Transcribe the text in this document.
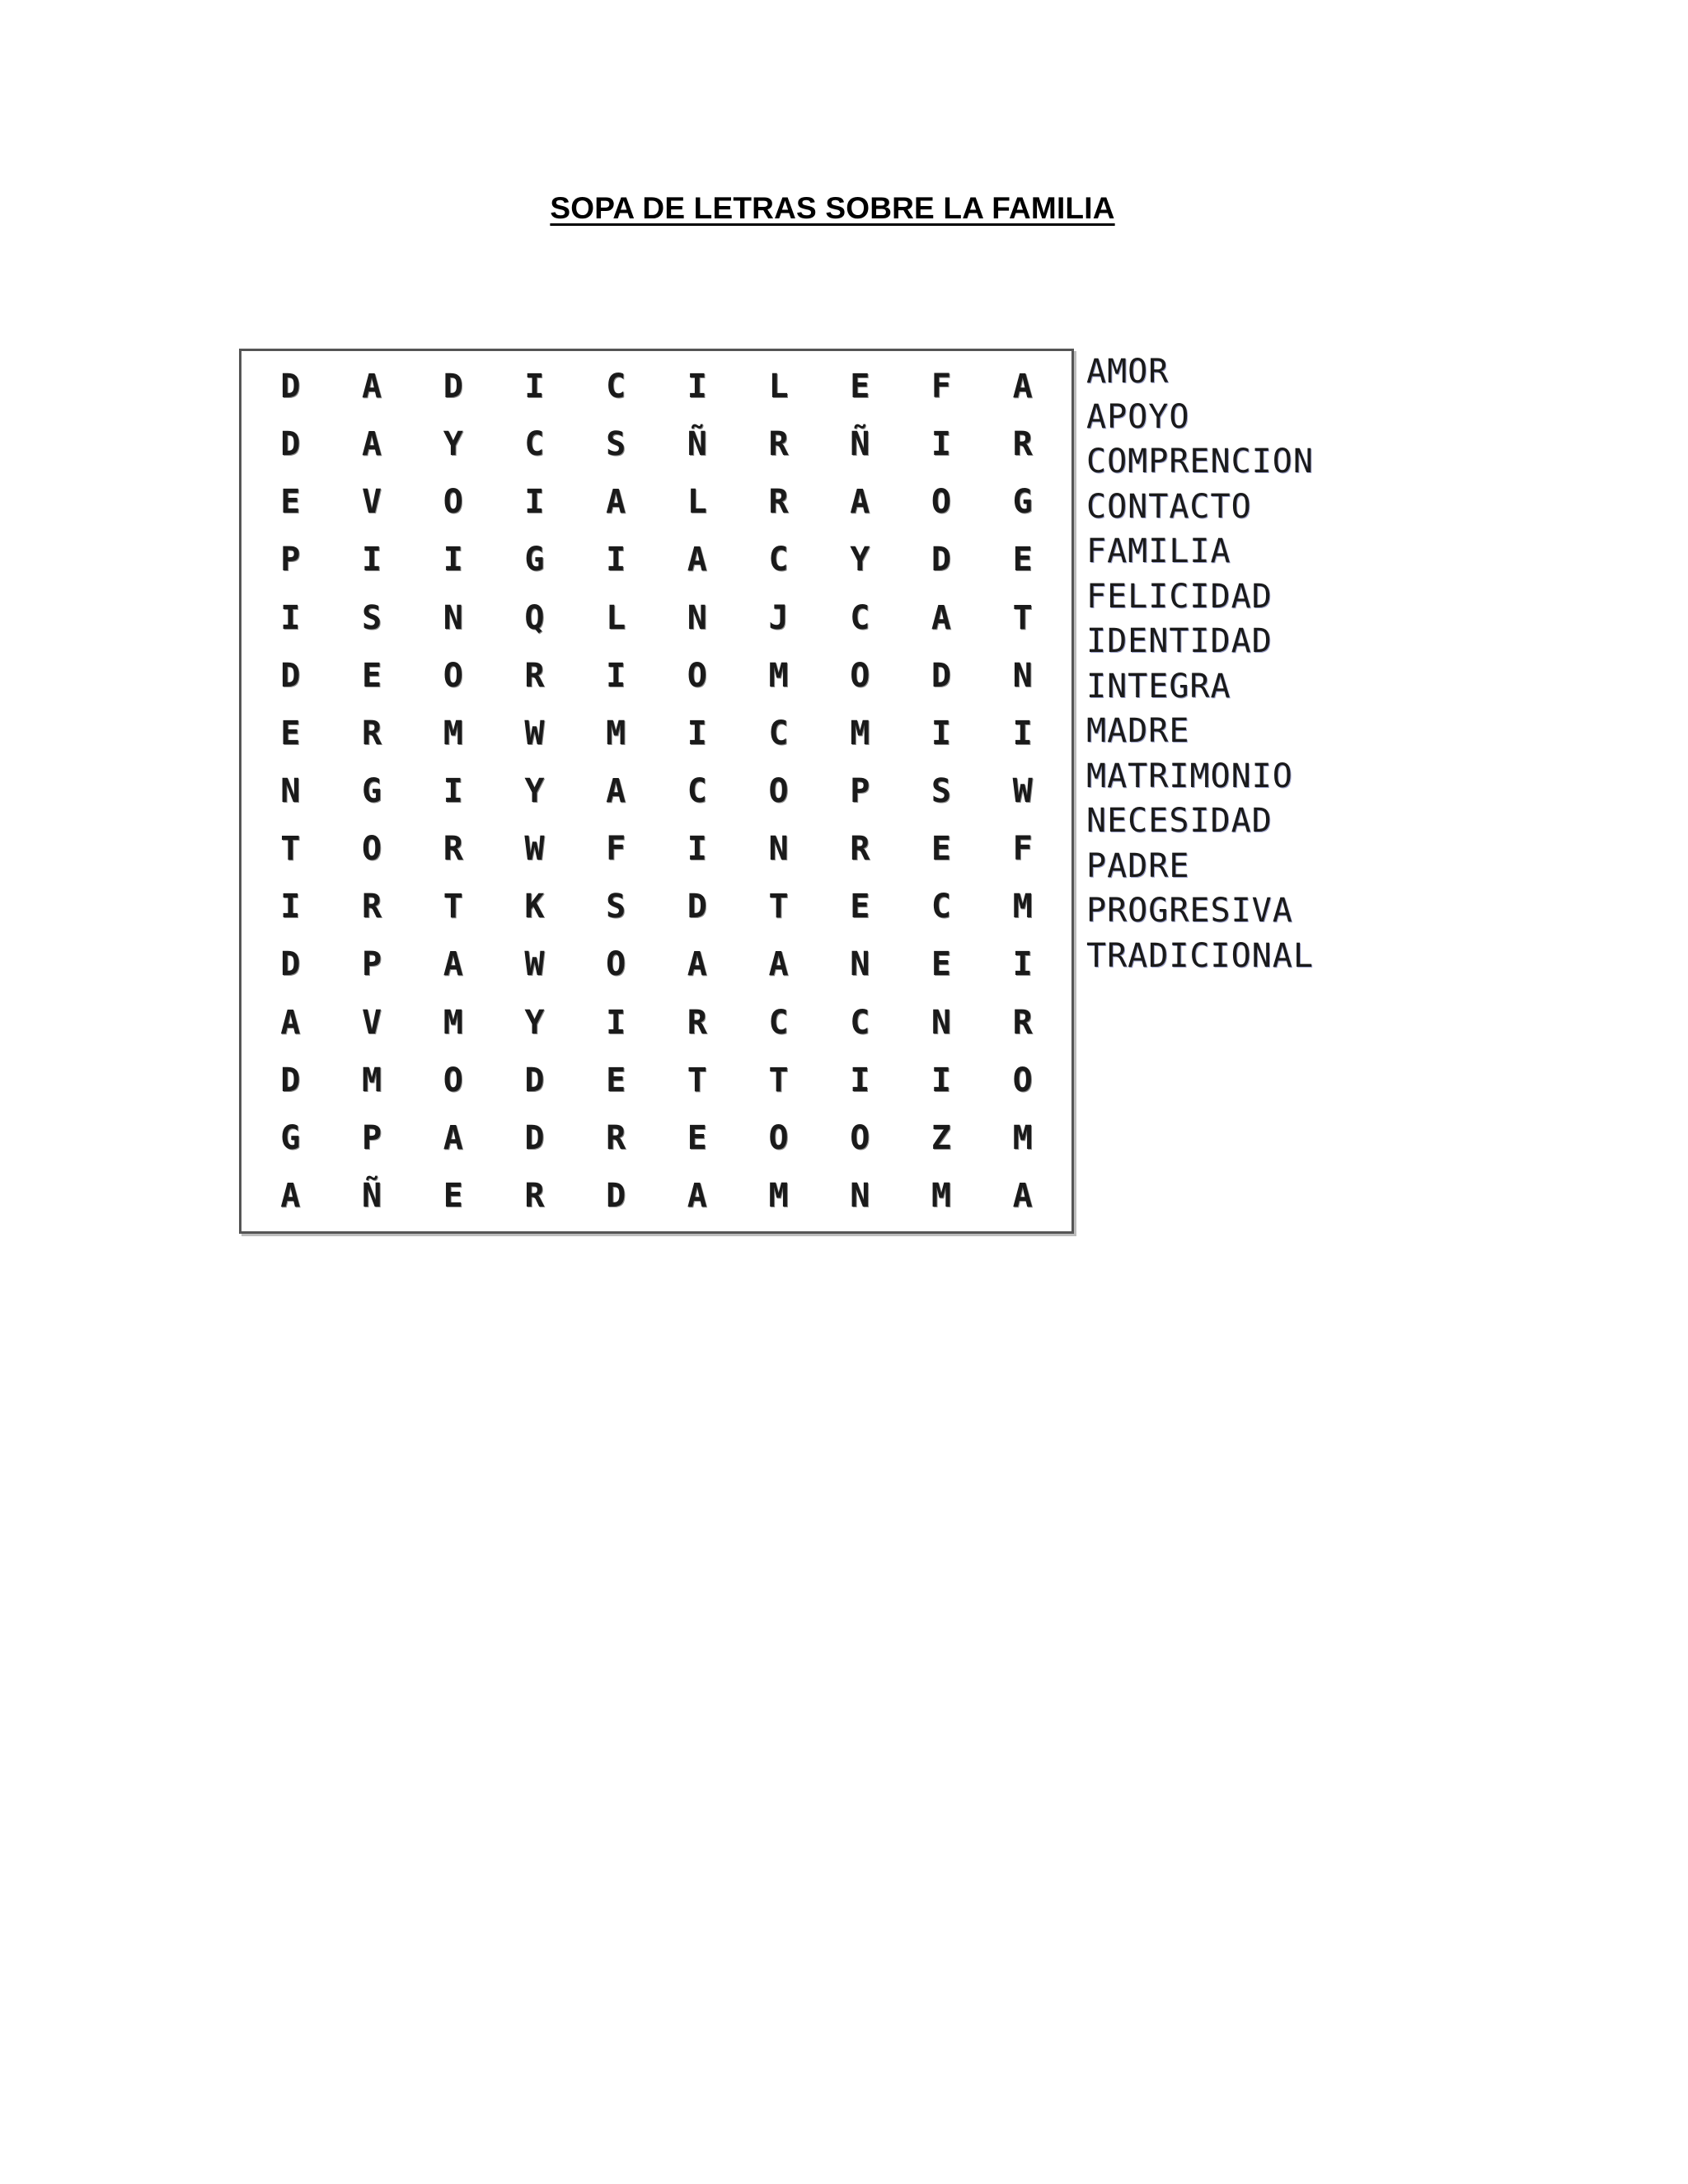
SOPA DE LETRAS SOBRE LA FAMILIA
D	A	D	I	C	I	L	E	F	A
D	A	Y	C	S	Ñ	R	Ñ	I	R
E	V	O	I	A	L	R	A	O	G
P	I	I	G	I	A	C	Y	D	E
I	S	N	Q	L	N	J	C	A	T
D	E	O	R	I	O	M	O	D	N
E	R	M	W	M	I	C	M	I	I
N	G	I	Y	A	C	O	P	S	W
T	O	R	W	F	I	N	R	E	F
I	R	T	K	S	D	T	E	C	M
D	P	A	W	O	A	A	N	E	I
A	V	M	Y	I	R	C	C	N	R
D	M	O	D	E	T	T	I	I	O
G	P	A	D	R	E	O	O	Z	M
A	Ñ	E	R	D	A	M	N	M	A
AMOR
APOYO
COMPRENCION
CONTACTO
FAMILIA
FELICIDAD
IDENTIDAD
INTEGRA
MADRE
MATRIMONIO
NECESIDAD
PADRE
PROGRESIVA
TRADICIONAL
